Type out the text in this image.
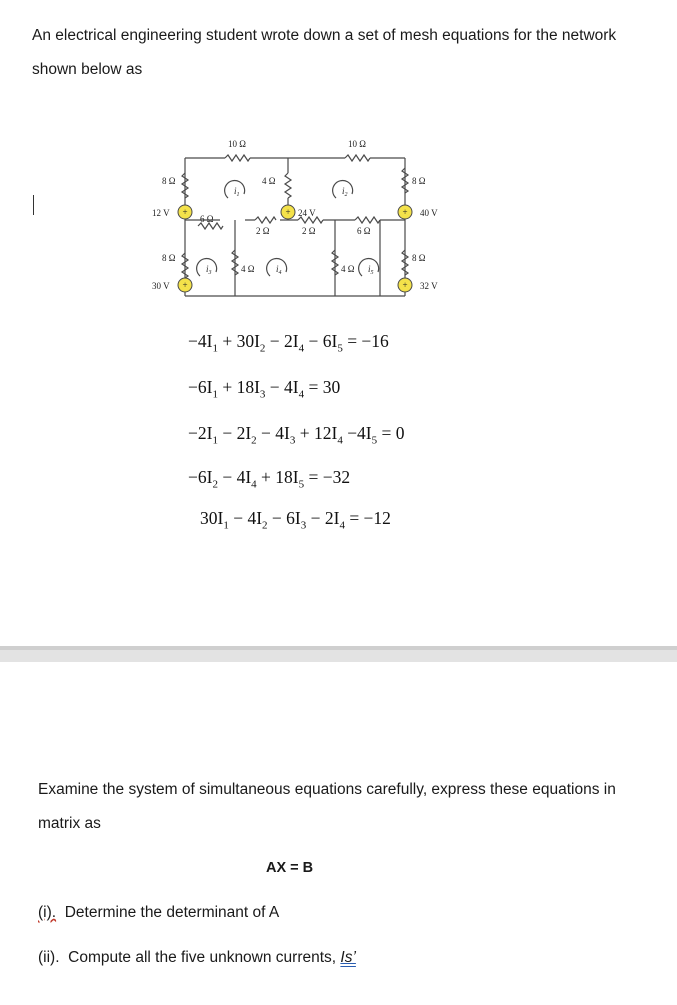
An electrical engineering student wrote down a set of mesh equations for the network
shown below as
+
+
+	+
+
10 Ω	10 Ω
8 Ω
8 Ω
4 Ω
6 Ω
4 Ω
2 Ω	2 Ω	6 Ω
4 Ω
8 Ω
8 Ω
12 V
30 V
24 V	40 V
32 V
$i_1$	$i_2$
$i_3$	$i_4$	$i_5$
$-4I_1 + 30I_2 - 2I_4 - 6I_5 = -16$
$-6I_1 + 18I_3 - 4I_4 = 30$
$-2I_1 - 2I_2 - 4I_3 + 12I_4 -4I_5 = 0$
$-6I_2 - 4I_4 + 18I_5 = -32$
$30I_1 - 4I_2 - 6I_3 - 2I_4 = -12$
Examine the system of simultaneous equations carefully, express these equations in
matrix as
AX = B
(i). Determine the determinant of A
(ii). Compute all the five unknown currents, Is’
